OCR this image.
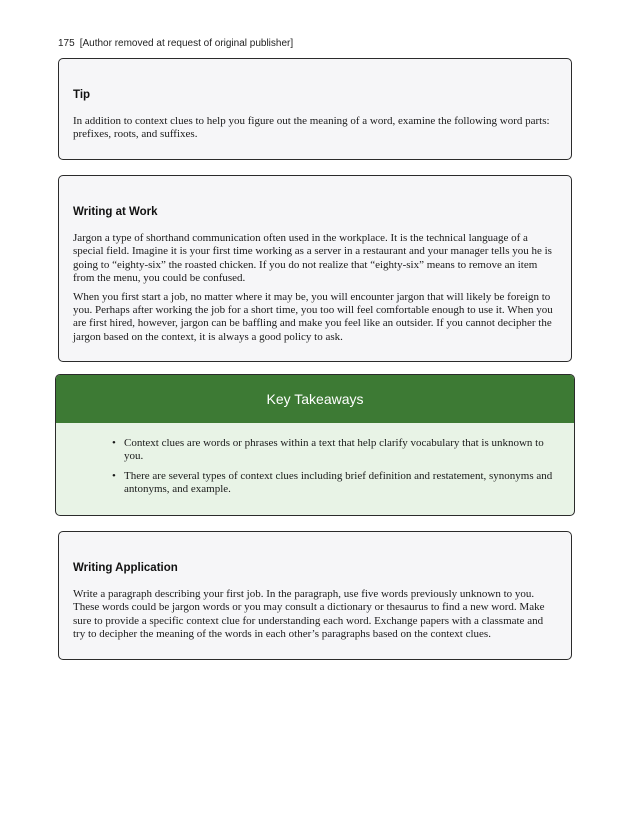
175 [Author removed at request of original publisher]
Tip

In addition to context clues to help you figure out the meaning of a word, examine the following word parts: prefixes, roots, and suffixes.

Writing at Work

Jargon a type of shorthand communication often used in the workplace. It is the technical language of a special field. Imagine it is your first time working as a server in a restaurant and your manager tells you he is going to “eighty-six” the roasted chicken. If you do not realize that “eighty-six” means to remove an item from the menu, you could be confused.

When you first start a job, no matter where it may be, you will encounter jargon that will likely be foreign to you. Perhaps after working the job for a short time, you too will feel comfortable enough to use it. When you are first hired, however, jargon can be baffling and make you feel like an outsider. If you cannot decipher the jargon based on the context, it is always a good policy to ask.

Key Takeaways
• Context clues are words or phrases within a text that help clarify vocabulary that is unknown to you.
• There are several types of context clues including brief definition and restatement, synonyms and antonyms, and example.
Writing Application

Write a paragraph describing your first job. In the paragraph, use five words previously unknown to you. These words could be jargon words or you may consult a dictionary or thesaurus to find a new word. Make sure to provide a specific context clue for understanding each word. Exchange papers with a classmate and try to decipher the meaning of the words in each other’s paragraphs based on the context clues.
